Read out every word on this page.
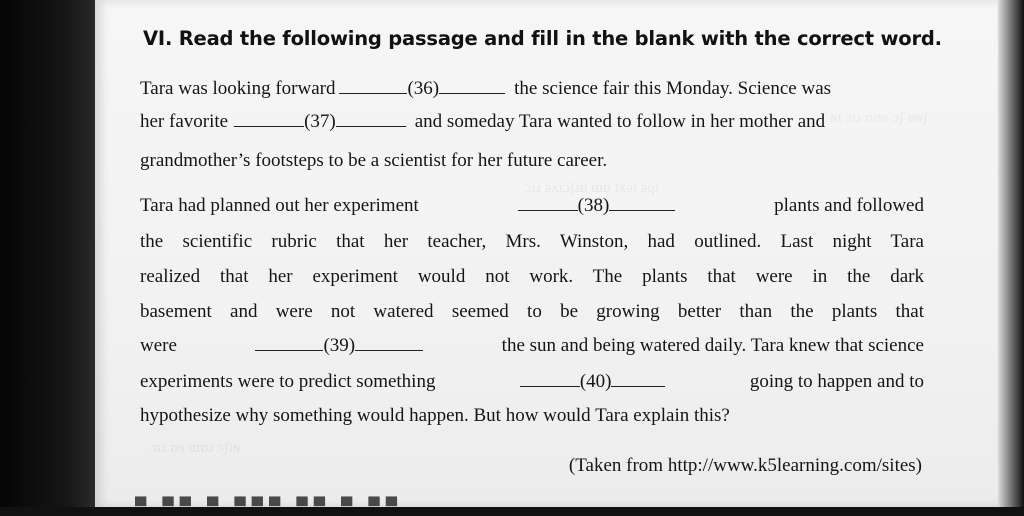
ɴɪ ɔɪɹ ɒıɴɪ ɔʃ ɒɴʃ
ɔɪɹ əʌɪɔʃɹɒ ɯɒ ʇxəʇ əɥʇ
ɔɪɹ ɒɴ ɯɒɹ ɔʃʇɴ
VI. Read the following passage and fill in the blank with the correct word.
Tara was looking forward	(36)	the science fair this Monday. Science was
her favorite	(37)	and someday Tara wanted to follow in her mother and
grandmother’s footsteps to be a scientist for her future career.
Tara had planned out her experiment	(38)	plants and followed
the scientific rubric that her teacher, Mrs. Winston, had outlined. Last night Tara
realized that her experiment would not work. The plants that were in the dark
basement and were not watered seemed to be growing better than the plants that
were	(39)	the sun and being watered daily. Tara knew that science
experiments were to predict something	(40)	going to happen and to
hypothesize why something would happen. But how would Tara explain this?
(Taken from http://www.k5learning.com/sites)
▀ ▀▀ ▀ ▀▀▀ ▀▀ ▀ ▀▀
